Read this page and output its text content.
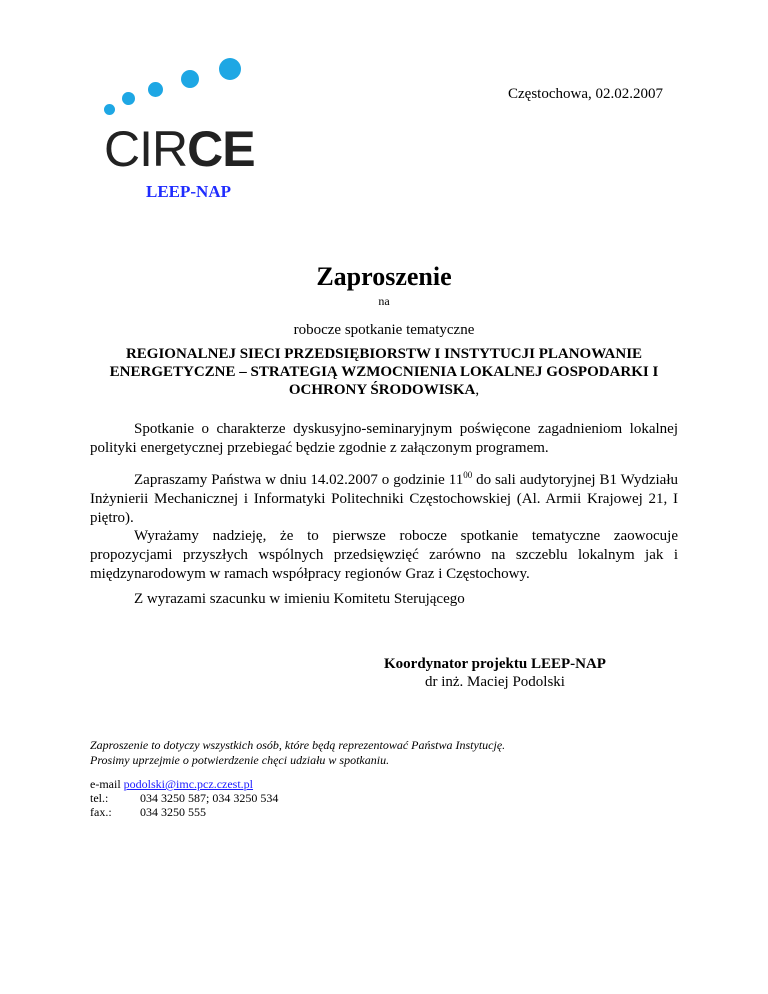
CIRCE
LEEP-NAP
Częstochowa, 02.02.2007
Zaproszenie
na
robocze spotkanie tematyczne
REGIONALNEJ SIECI PRZEDSIĘBIORSTW I INSTYTUCJI PLANOWANIE ENERGETYCZNE – STRATEGIĄ WZMOCNIENIA LOKALNEJ GOSPODARKI I OCHRONY ŚRODOWISKA,
Spotkanie o charakterze dyskusyjno-seminaryjnym poświęcone zagadnieniom lokalnej polityki energetycznej przebiegać będzie zgodnie z załączonym programem.
Zapraszamy Państwa w dniu 14.02.2007 o godzinie $11^{00}$ do sali audytoryjnej B1 Wydziału Inżynierii Mechanicznej i Informatyki Politechniki Częstochowskiej (Al. Armii Krajowej 21, I piętro).
Wyrażamy nadzieję, że to pierwsze robocze spotkanie tematyczne zaowocuje propozycjami przyszłych wspólnych przedsięwzięć zarówno na szczeblu lokalnym jak i międzynarodowym w ramach współpracy regionów Graz i Częstochowy.
Z wyrazami szacunku w imieniu Komitetu Sterującego
Koordynator projektu LEEP-NAP
dr inż. Maciej Podolski
Zaproszenie to dotyczy wszystkich osób, które będą reprezentować Państwa Instytucję.
Prosimy uprzejmie o potwierdzenie chęci udziału w spotkaniu.
e-mail
podolski@imc.pcz.czest.pl
tel.:	034 3250 587; 034 3250 534
fax.:	034 3250 555
